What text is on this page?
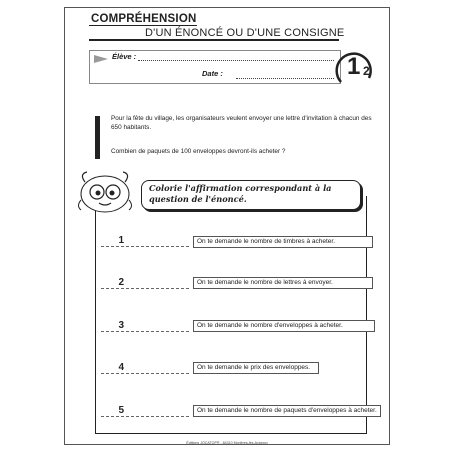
COMPRÉHENSION
D'UN ÉNONCÉ OU D'UNE CONSIGNE
Élève :
Date :	1 2
Pour la fête du village, les organisateurs veulent envoyer une lettre d'invitation à chacun des 650 habitants.
Combien de paquets de 100 enveloppes devront-ils acheter ?
Colorie l'affirmation correspondant à la question de l'énoncé.
1	On te demande le nombre de timbres à acheter.
2	On te demande le nombre de lettres à envoyer.
3	On te demande le nombre d'enveloppes à acheter.
4	On te demande le prix des enveloppes.
5	On te demande le nombre de paquets d'enveloppes à acheter.
Éditions JOCATOP® - 84310 Morières-lès-Avignon
